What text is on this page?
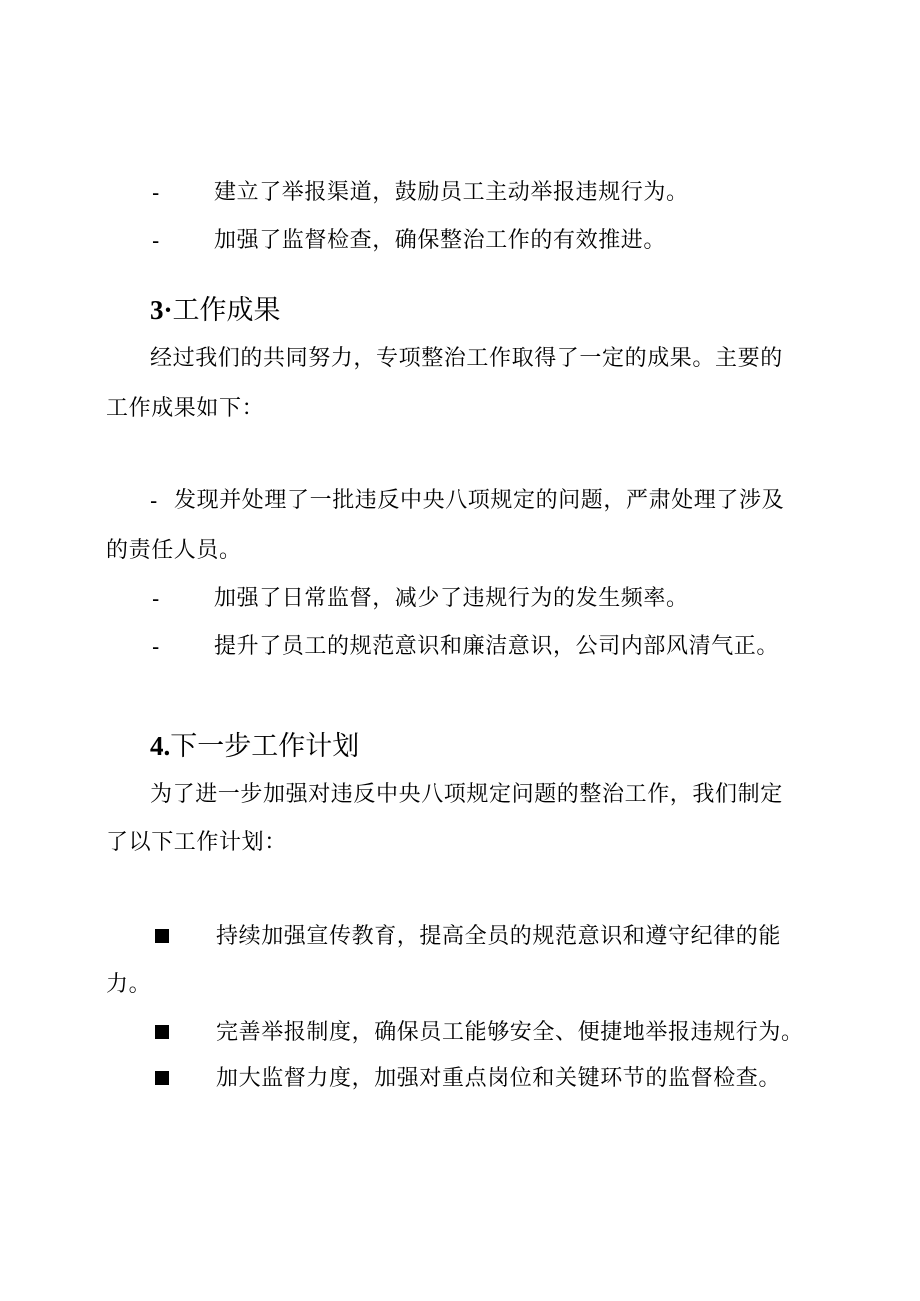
- 建立了举报渠道，鼓励员工主动举报违规行为。
- 加强了监督检查，确保整治工作的有效推进。
3·工作成果
经过我们的共同努力，专项整治工作取得了一定的成果。主要的
工作成果如下：
- 发现并处理了一批违反中央八项规定的问题，严肃处理了涉及
的责任人员。
- 加强了日常监督，减少了违规行为的发生频率。
- 提升了员工的规范意识和廉洁意识，公司内部风清气正。
4.下一步工作计划
为了进一步加强对违反中央八项规定问题的整治工作，我们制定
了以下工作计划：
持续加强宣传教育，提高全员的规范意识和遵守纪律的能
力。
完善举报制度，确保员工能够安全、便捷地举报违规行为。
加大监督力度，加强对重点岗位和关键环节的监督检查。
